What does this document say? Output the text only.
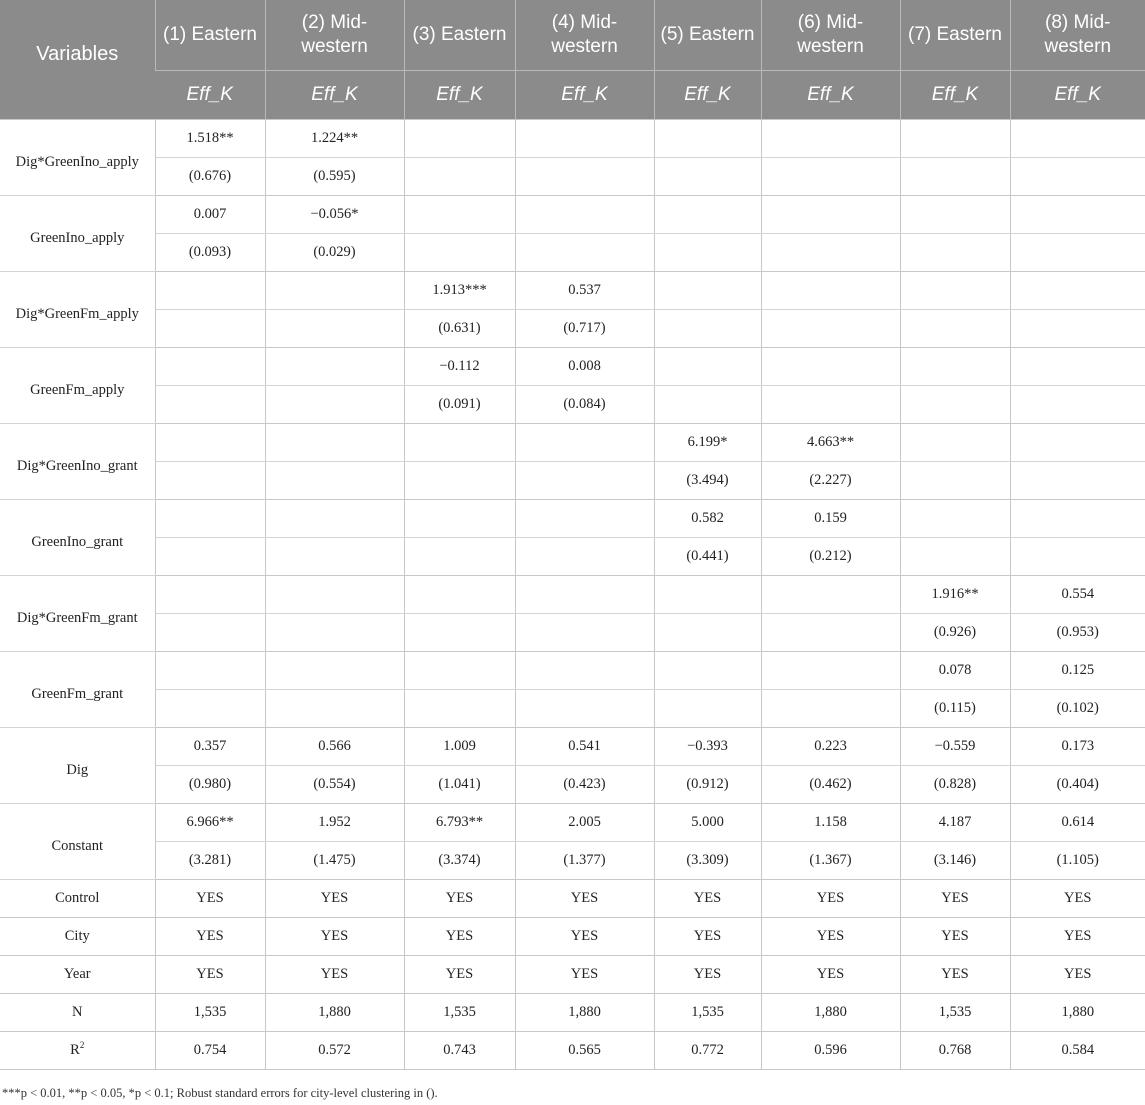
Variables	(1) Eastern	(2) Mid-western	(3) Eastern	(4) Mid-western	(5) Eastern	(6) Mid-western	(7) Eastern	(8) Mid-western
	Eff_K	Eff_K	Eff_K	Eff_K	Eff_K	Eff_K	Eff_K	Eff_K
Dig*GreenIno_apply	1.518**	1.224**						
	(0.676)	(0.595)						
GreenIno_apply	0.007	−0.056*						
	(0.093)	(0.029)						
Dig*GreenFm_apply			1.913***	0.537				
			(0.631)	(0.717)				
GreenFm_apply			−0.112	0.008				
			(0.091)	(0.084)				
Dig*GreenIno_grant					6.199*	4.663**		
					(3.494)	(2.227)		
GreenIno_grant					0.582	0.159		
					(0.441)	(0.212)		
Dig*GreenFm_grant							1.916**	0.554
							(0.926)	(0.953)
GreenFm_grant							0.078	0.125
							(0.115)	(0.102)
Dig	0.357	0.566	1.009	0.541	−0.393	0.223	−0.559	0.173
	(0.980)	(0.554)	(1.041)	(0.423)	(0.912)	(0.462)	(0.828)	(0.404)
Constant	6.966**	1.952	6.793**	2.005	5.000	1.158	4.187	0.614
	(3.281)	(1.475)	(3.374)	(1.377)	(3.309)	(1.367)	(3.146)	(1.105)
Control	YES	YES	YES	YES	YES	YES	YES	YES
City	YES	YES	YES	YES	YES	YES	YES	YES
Year	YES	YES	YES	YES	YES	YES	YES	YES
N	1,535	1,880	1,535	1,880	1,535	1,880	1,535	1,880
$R^2$	0.754	0.572	0.743	0.565	0.772	0.596	0.768	0.584
***p < 0.01, **p < 0.05, *p < 0.1; Robust standard errors for city-level clustering in ().
